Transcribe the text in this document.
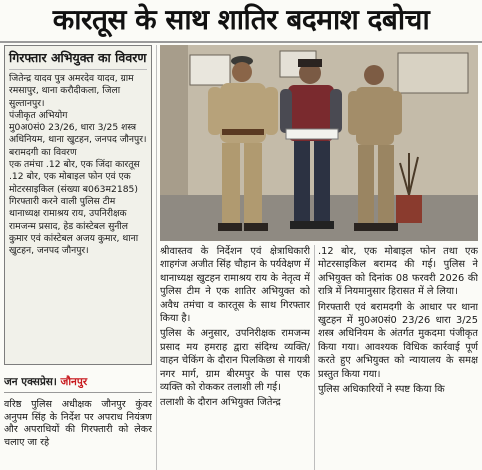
कारतूस के साथ शातिर बदमाश दबोचा
गिरफ्तार अभियुक्त का विवरण

जितेन्द्र यादव पुत्र अमरदेव यादव, ग्राम रमसापुर, थाना करौदीकला, जिला सुल्तानपुर।

पंजीकृत अभियोग

मु0अ0सं0 23/26, धारा 3/25 शस्त्र अधिनियम, थाना खुटहन, जनपद जौनपुर।

बरामदगी का विवरण

एक तमंचा .12 बोर, एक जिंदा कारतूस .12 बोर, एक मोबाइल फोन एवं एक मोटरसाइकिल (संख्या ब063म2185)

गिरफ्तारी करने वाली पुलिस टीम थानाध्यक्ष रामाश्रय राय, उपनिरीक्षक रामजन्म प्रसाद, हेड कांस्टेबल सुनील कुमार एवं कांस्टेबल अजय कुमार, थाना खुटहन, जनपद जौनपुर।

जन एक्सप्रेस। जौनपुर
वरिष्ठ पुलिस अधीक्षक जौनपुर कुंवर अनुपम सिंह के निर्देश पर अपराध नियंत्रण और अपराधियों की गिरफ्तारी को लेकर चलाए जा रहे

श्रीवास्तव के निर्देशन एवं क्षेत्राधिकारी शाहगंज अजीत सिंह चौहान के पर्यवेक्षण में थानाध्यक्ष खुटहन रामाश्रय राय के नेतृत्व में पुलिस टीम ने एक शातिर अभियुक्त को अवैध तमंचा व कारतूस के साथ गिरफ्तार किया है।

पुलिस के अनुसार, उपनिरीक्षक रामजन्म प्रसाद मय हमराह द्वारा संदिग्ध व्यक्ति/ वाहन चेकिंग के दौरान पिलकिछा से गायत्री नगर मार्ग, ग्राम बीरमपुर के पास एक व्यक्ति को रोककर तलाशी ली गई।

तलाशी के दौरान अभियुक्त जितेन्द्र

.12 बोर, एक मोबाइल फोन तथा एक मोटरसाइकिल बरामद की गई। पुलिस ने अभियुक्त को दिनांक 08 फरवरी 2026 की रात्रि में नियमानुसार हिरासत में ले लिया।

गिरफ्तारी एवं बरामदगी के आधार पर थाना खुटहन में मु0अ0सं0 23/26 धारा 3/25 शस्त्र अधिनियम के अंतर्गत मुकदमा पंजीकृत किया गया। आवश्यक विधिक कार्रवाई पूर्ण करते हुए अभियुक्त को न्यायालय के समक्ष प्रस्तुत किया गया।

पुलिस अधिकारियों ने स्पष्ट किया कि
